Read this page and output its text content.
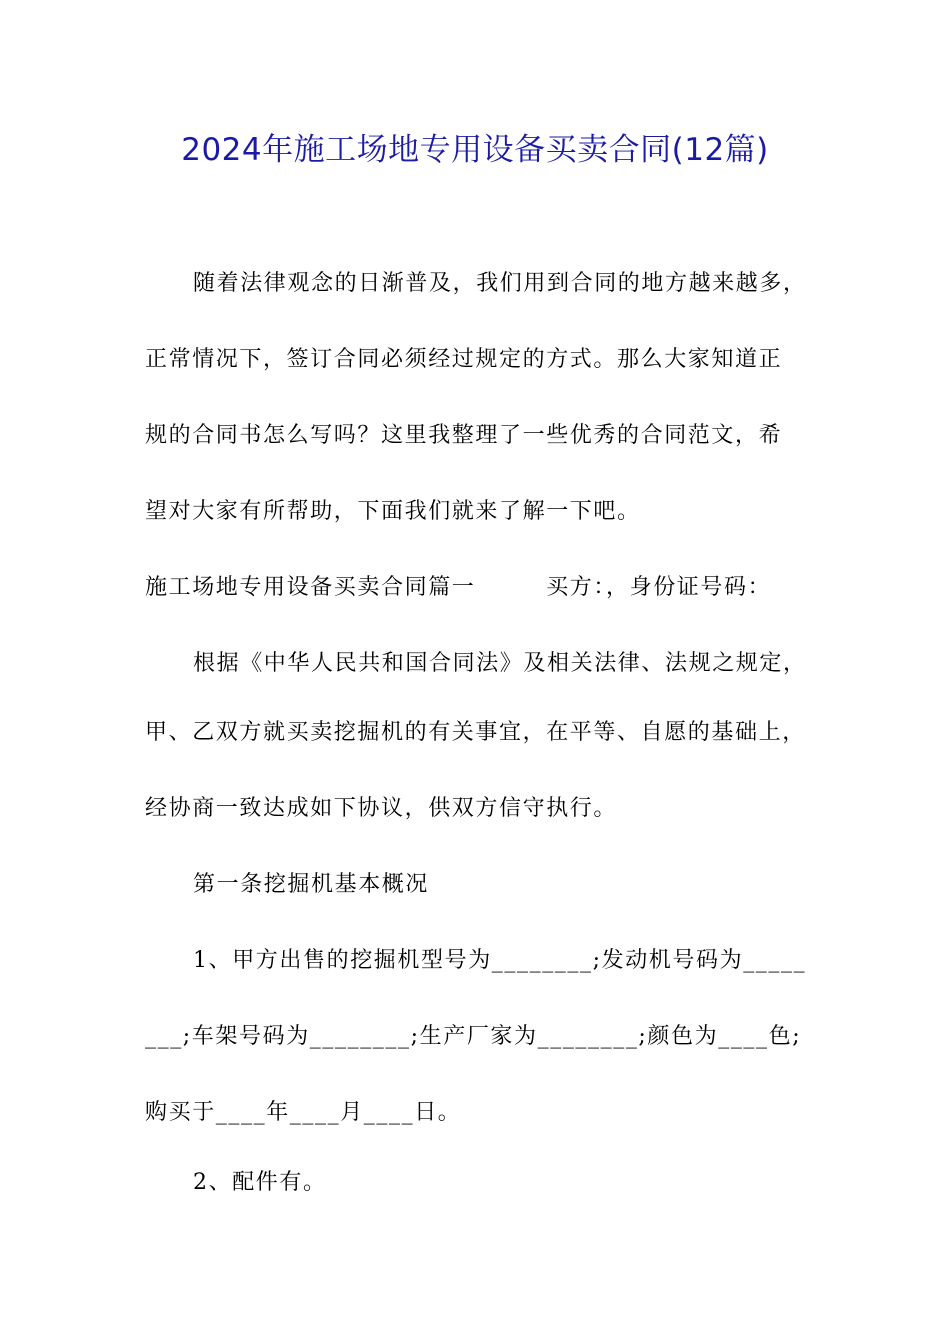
2024年施工场地专用设备买卖合同(12篇)
随着法律观念的日渐普及，我们用到合同的地方越来越多，
正常情况下，签订合同必须经过规定的方式。那么大家知道正
规的合同书怎么写吗？这里我整理了一些优秀的合同范文，希
望对大家有所帮助，下面我们就来了解一下吧。
施工场地专用设备买卖合同篇一　　　买方：，身份证号码：
根据《中华人民共和国合同法》及相关法律、法规之规定，
甲、乙双方就买卖挖掘机的有关事宜，在平等、自愿的基础上，
经协商一致达成如下协议，供双方信守执行。
第一条挖掘机基本概况
1、甲方出售的挖掘机型号为________;发动机号码为_____
___;车架号码为________;生产厂家为________;颜色为____色;
购买于____年____月____日。
2、配件有。
